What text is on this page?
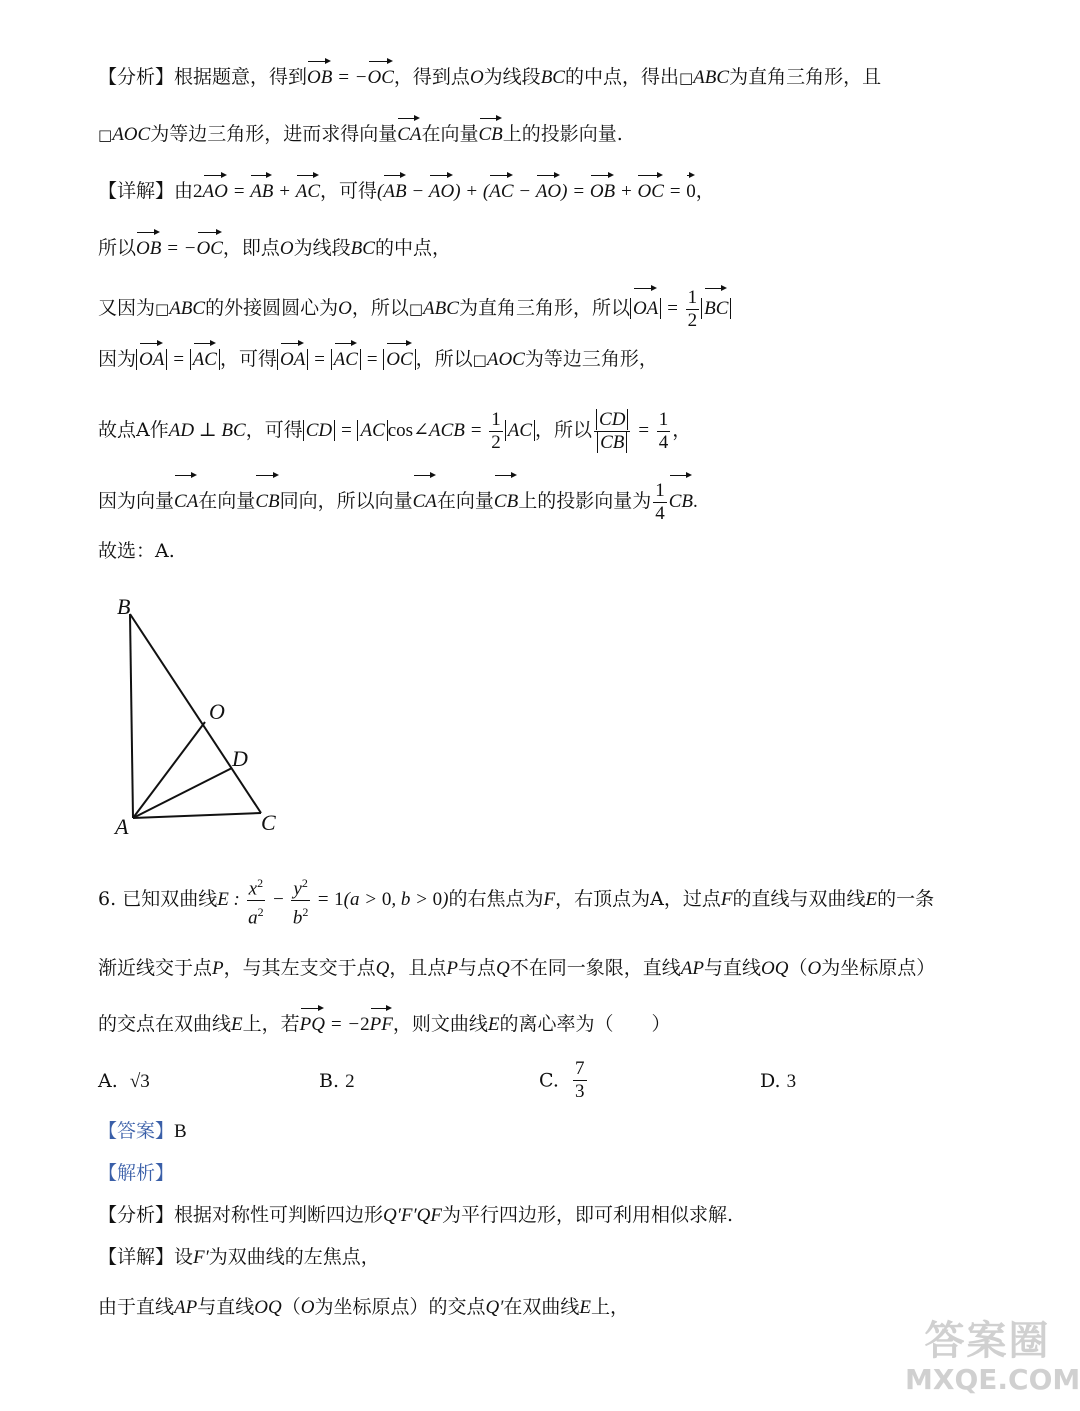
【分析】根据题意，得到OB = −OC，得到点O为线段BC的中点，得出□ABC为直角三角形，且
□AOC为等边三角形，进而求得向量CA在向量CB上的投影向量.
【详解】由2AO = AB + AC，可得(AB − AO) + (AC − AO) = OB + OC = 0，
所以OB = −OC，即点O为线段BC的中点，
又因为□ABC的外接圆圆心为O，所以□ABC为直角三角形，所以 OA = $\frac{1}{2}$ BC
因为 OA = AC ，可得 OA = AC = OC ，所以□AOC为等边三角形，
故点A作AD ⊥ BC，可得 CD = AC cos∠ACB = $\frac{1}{2}$ AC ，所以 $\frac{CD}{CB} = \frac{1}{4}$ ，
因为向量CA在向量CB同向，所以向量CA在向量CB上的投影向量为 $\frac{1}{4}$ CB.
故选：A.
B
O
D
A	C
6. 已知双曲线E : $\frac{x^2}{a^2} - \frac{y^2}{b^2} = 1(a > 0$, b > 0)的右焦点为F，右顶点为A，过点F的直线与双曲线E的一条
渐近线交于点P，与其左支交于点Q，且点P与点Q不在同一象限，直线AP与直线OQ（O为坐标原点）
的交点在双曲线E上，若PQ = −2PF，则文曲线E的离心率为（　　）
A. √3	B. 2	C. $\frac{7}{3}$	D. 3
【答案】B
【解析】
【分析】根据对称性可判断四边形Q′F′QF为平行四边形，即可利用相似求解.
【详解】设F′为双曲线的左焦点，
由于直线AP与直线OQ（O为坐标原点）的交点Q′在双曲线E上，
答案圈
MXQE.COM
